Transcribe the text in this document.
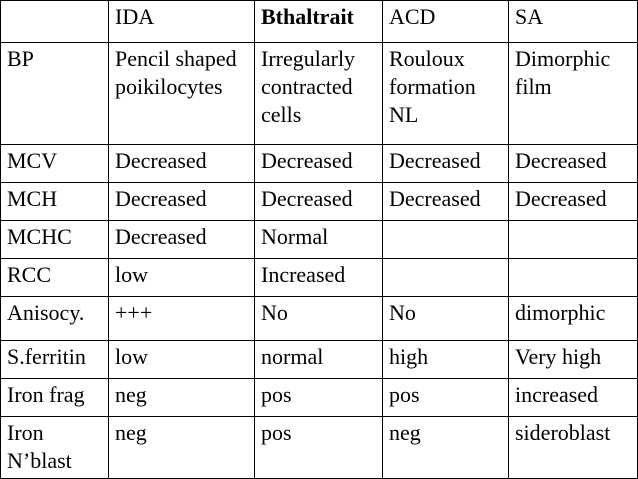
	IDA	Bthaltrait	ACD	SA
BP	Pencil shaped poikilocytes	Irregularly contracted cells	Rouloux formation NL	Dimorphic film
MCV	Decreased	Decreased	Decreased	Decreased
MCH	Decreased	Decreased	Decreased	Decreased
MCHC	Decreased	Normal		
RCC	low	Increased		
Anisocy.	+++	No	No	dimorphic
S.ferritin	low	normal	high	Very high
Iron frag	neg	pos	pos	increased
Iron N’blast	neg	pos	neg	sideroblast
